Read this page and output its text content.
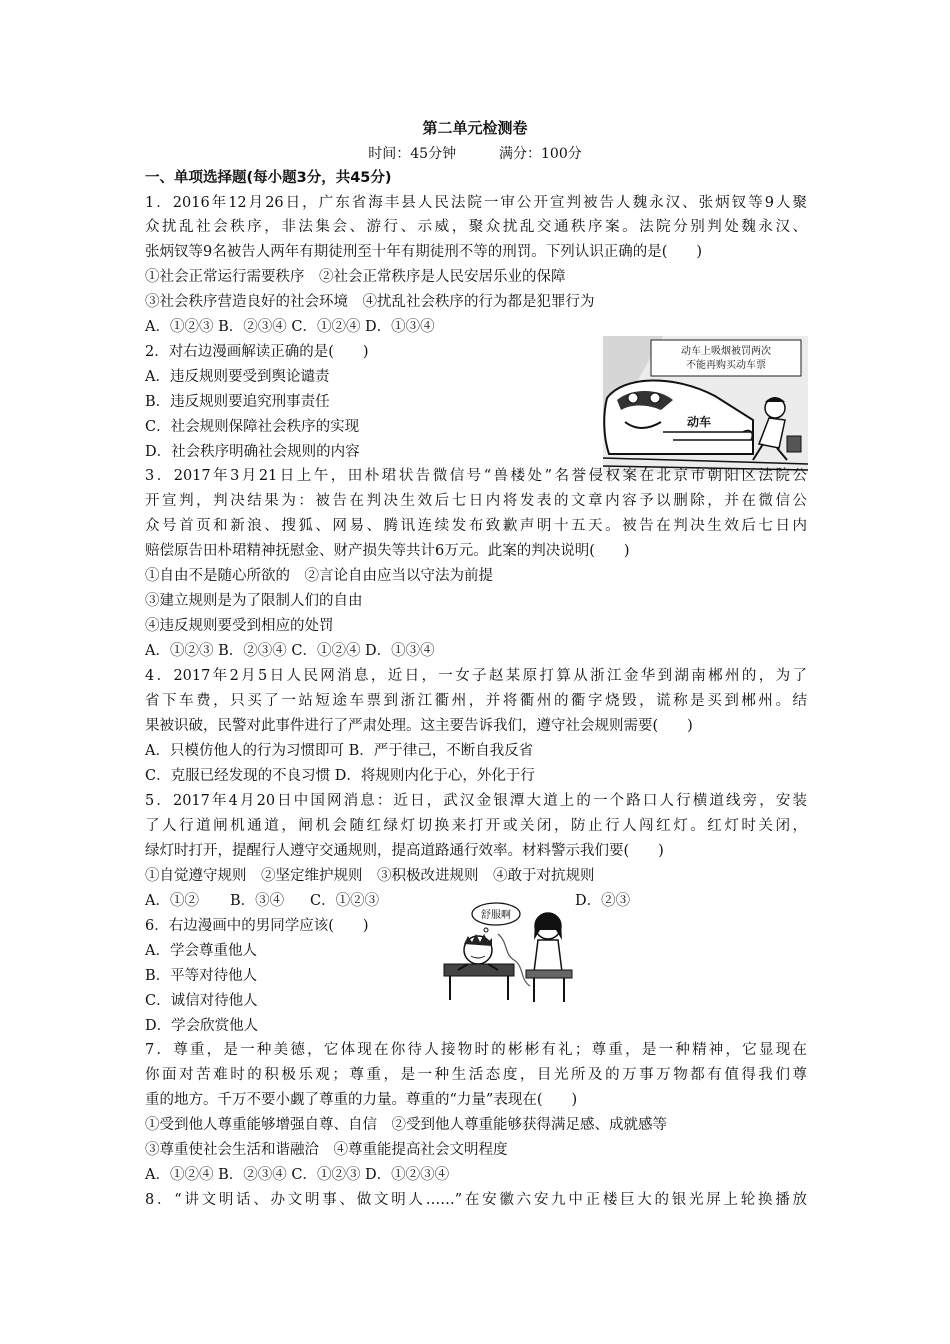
第二单元检测卷
时间：45分钟	满分：100分
一、单项选择题(每小题3分，共45分)
1．2016年12月26日，广东省海丰县人民法院一审公开宣判被告人魏永汉、张炳钗等9人聚
众扰乱社会秩序，非法集会、游行、示威，聚众扰乱交通秩序案。法院分别判处魏永汉、
张炳钗等9名被告人两年有期徒刑至十年有期徒刑不等的刑罚。下列认识正确的是(　　)
①社会正常运行需要秩序　②社会正常秩序是人民安居乐业的保障
③社会秩序营造良好的社会环境　④扰乱社会秩序的行为都是犯罪行为
A．①②③ B．②③④ C．①②④ D．①③④
2．对右边漫画解读正确的是(　　)
A．违反规则要受到舆论谴责
B．违反规则要追究刑事责任
C．社会规则保障社会秩序的实现
D．社会秩序明确社会规则的内容
动车上吸烟被罚两次
不能再购买动车票
动车
3．2017年3月21日上午，田朴珺状告微信号“兽楼处”名誉侵权案在北京市朝阳区法院公
开宣判，判决结果为：被告在判决生效后七日内将发表的文章内容予以删除，并在微信公
众号首页和新浪、搜狐、网易、腾讯连续发布致歉声明十五天。被告在判决生效后七日内
赔偿原告田朴珺精神抚慰金、财产损失等共计6万元。此案的判决说明(　　)
①自由不是随心所欲的　②言论自由应当以守法为前提
③建立规则是为了限制人们的自由
④违反规则要受到相应的处罚
A．①②③ B．②③④ C．①②④ D．①③④
4．2017年2月5日人民网消息，近日，一女子赵某原打算从浙江金华到湖南郴州的，为了
省下车费，只买了一站短途车票到浙江衢州，并将衢州的衢字烧毁，谎称是买到郴州。结
果被识破，民警对此事件进行了严肃处理。这主要告诉我们，遵守社会规则需要(　　)
A．只模仿他人的行为习惯即可 B．严于律己，不断自我反省
C．克服已经发现的不良习惯 D．将规则内化于心，外化于行
5．2017年4月20日中国网消息：近日，武汉金银潭大道上的一个路口人行横道线旁，安装
了人行道闸机通道，闸机会随红绿灯切换来打开或关闭，防止行人闯红灯。红灯时关闭，
绿灯时打开，提醒行人遵守交通规则，提高道路通行效率。材料警示我们要(　　)
①自觉遵守规则　②坚定维护规则　③积极改进规则　④敢于对抗规则
A．①② B．③④ C．①②③	D．②③
6．右边漫画中的男同学应该(　　)
A．学会尊重他人
B．平等对待他人
C．诚信对待他人
D．学会欣赏他人
舒服啊
7．尊重，是一种美德，它体现在你待人接物时的彬彬有礼；尊重，是一种精神，它显现在
你面对苦难时的积极乐观；尊重，是一种生活态度，目光所及的万事万物都有值得我们尊
重的地方。千万不要小觑了尊重的力量。尊重的“力量”表现在(　　)
①受到他人尊重能够增强自尊、自信　②受到他人尊重能够获得满足感、成就感等
③尊重使社会生活和谐融洽　④尊重能提高社会文明程度
A．①②④ B．②③④ C．①②③ D．①②③④
8．“讲文明话、办文明事、做文明人……”在安徽六安九中正楼巨大的银光屏上轮换播放
